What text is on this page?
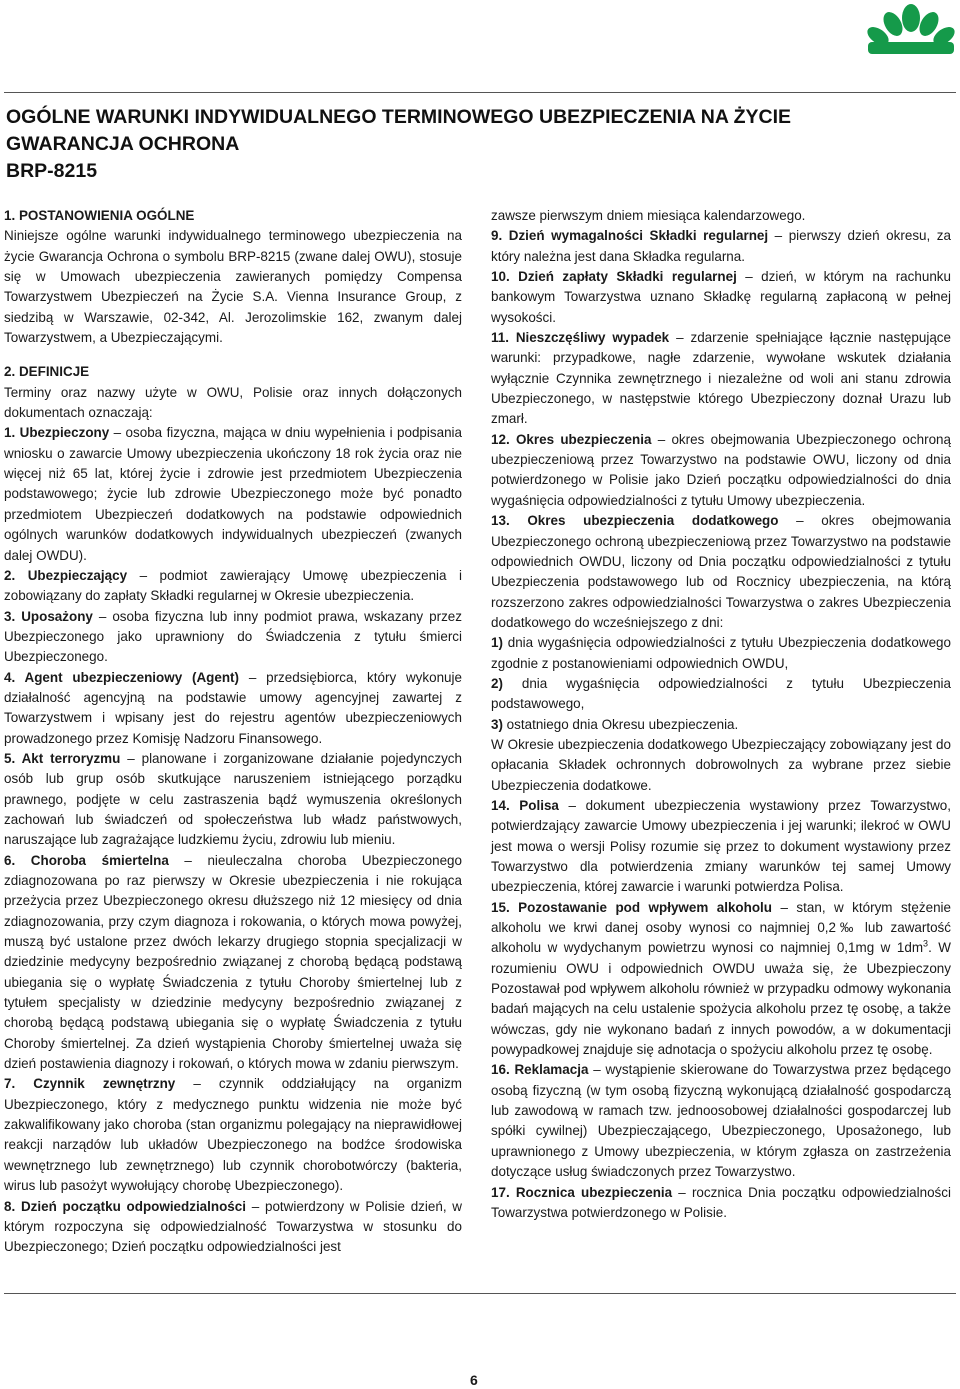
OGÓLNE WARUNKI INDYWIDUALNEGO TERMINOWEGO UBEZPIECZENIA NA ŻYCIE
GWARANCJA OCHRONA
BRP-8215

1. POSTANOWIENIA OGÓLNE

Niniejsze ogólne warunki indywidualnego terminowego ubezpieczenia na życie Gwarancja Ochrona o symbolu BRP-8215 (zwane dalej OWU), stosuje się w Umowach ubezpieczenia zawieranych pomiędzy Compensa Towarzystwem Ubezpieczeń na Życie S.A. Vienna Insurance Group, z siedzibą w Warszawie, 02-342, Al. Jerozolimskie 162, zwanym dalej Towarzystwem, a Ubezpieczającymi.

2. DEFINICJE

Terminy oraz nazwy użyte w OWU, Polisie oraz innych dołączonych dokumentach oznaczają:

1. Ubezpieczony – osoba fizyczna, mająca w dniu wypełnienia i podpisania wniosku o zawarcie Umowy ubezpieczenia ukończony 18 rok życia oraz nie więcej niż 65 lat, której życie i zdrowie jest przedmiotem Ubezpieczenia podstawowego; życie lub zdrowie Ubezpieczonego może być ponadto przedmiotem Ubezpieczeń dodatkowych na podstawie odpowiednich ogólnych warunków dodatkowych indywidualnych ubezpieczeń (zwanych dalej OWDU).

2. Ubezpieczający – podmiot zawierający Umowę ubezpieczenia i zobowiązany do zapłaty Składki regularnej w Okresie ubezpieczenia.

3. Uposażony – osoba fizyczna lub inny podmiot prawa, wskazany przez Ubezpieczonego jako uprawniony do Świadczenia z tytułu śmierci Ubezpieczonego.

4. Agent ubezpieczeniowy (Agent) – przedsiębiorca, który wykonuje działalność agencyjną na podstawie umowy agencyjnej zawartej z Towarzystwem i wpisany jest do rejestru agentów ubezpieczeniowych prowadzonego przez Komisję Nadzoru Finansowego.

5. Akt terroryzmu – planowane i zorganizowane działanie pojedynczych osób lub grup osób skutkujące naruszeniem istniejącego porządku prawnego, podjęte w celu zastraszenia bądź wymuszenia określonych zachowań lub świadczeń od społeczeństwa lub władz państwowych, naruszające lub zagrażające ludzkiemu życiu, zdrowiu lub mieniu.

6. Choroba śmiertelna – nieuleczalna choroba Ubezpieczonego zdiagnozowana po raz pierwszy w Okresie ubezpieczenia i nie rokująca przeżycia przez Ubezpieczonego okresu dłuższego niż 12 miesięcy od dnia zdiagnozowania, przy czym diagnoza i rokowania, o których mowa powyżej, muszą być ustalone przez dwóch lekarzy drugiego stopnia specjalizacji w dziedzinie medycyny bezpośrednio związanej z chorobą będącą podstawą ubiegania się o wypłatę Świadczenia z tytułu Choroby śmiertelnej lub z tytułem specjalisty w dziedzinie medycyny bezpośrednio związanej z chorobą będącą podstawą ubiegania się o wypłatę Świadczenia z tytułu Choroby śmiertelnej. Za dzień wystąpienia Choroby śmiertelnej uważa się dzień postawienia diagnozy i rokowań, o których mowa w zdaniu pierwszym.

7. Czynnik zewnętrzny – czynnik oddziałujący na organizm Ubezpieczonego, który z medycznego punktu widzenia nie może być zakwalifikowany jako choroba (stan organizmu polegający na nieprawidłowej reakcji narządów lub układów Ubezpieczonego na bodźce środowiska wewnętrznego lub zewnętrznego) lub czynnik chorobotwórczy (bakteria, wirus lub pasożyt wywołujący chorobę Ubezpieczonego).

8. Dzień początku odpowiedzialności – potwierdzony w Polisie dzień, w którym rozpoczyna się odpowiedzialność Towarzystwa w stosunku do Ubezpieczonego; Dzień początku odpowiedzialności jest

zawsze pierwszym dniem miesiąca kalendarzowego.

9. Dzień wymagalności Składki regularnej – pierwszy dzień okresu, za który należna jest dana Składka regularna.

10. Dzień zapłaty Składki regularnej – dzień, w którym na rachunku bankowym Towarzystwa uznano Składkę regularną zapłaconą w pełnej wysokości.

11. Nieszczęśliwy wypadek – zdarzenie spełniające łącznie następujące warunki: przypadkowe, nagłe zdarzenie, wywołane wskutek działania wyłącznie Czynnika zewnętrznego i niezależne od woli ani stanu zdrowia Ubezpieczonego, w następstwie którego Ubezpieczony doznał Urazu lub zmarł.

12. Okres ubezpieczenia – okres obejmowania Ubezpieczonego ochroną ubezpieczeniową przez Towarzystwo na podstawie OWU, liczony od dnia potwierdzonego w Polisie jako Dzień początku odpowiedzialności do dnia wygaśnięcia odpowiedzialności z tytułu Umowy ubezpieczenia.

13. Okres ubezpieczenia dodatkowego – okres obejmowania Ubezpieczonego ochroną ubezpieczeniową przez Towarzystwo na podstawie odpowiednich OWDU, liczony od Dnia początku odpowiedzialności z tytułu Ubezpieczenia podstawowego lub od Rocznicy ubezpieczenia, na którą rozszerzono zakres odpowiedzialności Towarzystwa o zakres Ubezpieczenia dodatkowego do wcześniejszego z dni:

1) dnia wygaśnięcia odpowiedzialności z tytułu Ubezpieczenia dodatkowego zgodnie z postanowieniami odpowiednich OWDU,

2) dnia wygaśnięcia odpowiedzialności z tytułu Ubezpieczenia podstawowego,

3) ostatniego dnia Okresu ubezpieczenia.

W Okresie ubezpieczenia dodatkowego Ubezpieczający zobowiązany jest do opłacania Składek ochronnych dobrowolnych za wybrane przez siebie Ubezpieczenia dodatkowe.

14. Polisa – dokument ubezpieczenia wystawiony przez Towarzystwo, potwierdzający zawarcie Umowy ubezpieczenia i jej warunki; ilekroć w OWU jest mowa o wersji Polisy rozumie się przez to dokument wystawiony przez Towarzystwo dla potwierdzenia zmiany warunków tej samej Umowy ubezpieczenia, której zawarcie i warunki potwierdza Polisa.

15. Pozostawanie pod wpływem alkoholu – stan, w którym stężenie alkoholu we krwi danej osoby wynosi co najmniej 0,2‰ lub zawartość alkoholu w wydychanym powietrzu wynosi co najmniej 0,1mg w $1dm^3$. W rozumieniu OWU i odpowiednich OWDU uważa się, że Ubezpieczony Pozostawał pod wpływem alkoholu również w przypadku odmowy wykonania badań mających na celu ustalenie spożycia alkoholu przez tę osobę, a także wówczas, gdy nie wykonano badań z innych powodów, a w dokumentacji powypadkowej znajduje się adnotacja o spożyciu alkoholu przez tę osobę.

16. Reklamacja – wystąpienie skierowane do Towarzystwa przez będącego osobą fizyczną (w tym osobą fizyczną wykonującą działalność gospodarczą lub zawodową w ramach tzw. jednoosobowej działalności gospodarczej lub spółki cywilnej) Ubezpieczającego, Ubezpieczonego, Uposażonego, lub uprawnionego z Umowy ubezpieczenia, w którym zgłasza on zastrzeżenia dotyczące usług świadczonych przez Towarzystwo.

17. Rocznica ubezpieczenia – rocznica Dnia początku odpowiedzialności Towarzystwa potwierdzonego w Polisie.

6
